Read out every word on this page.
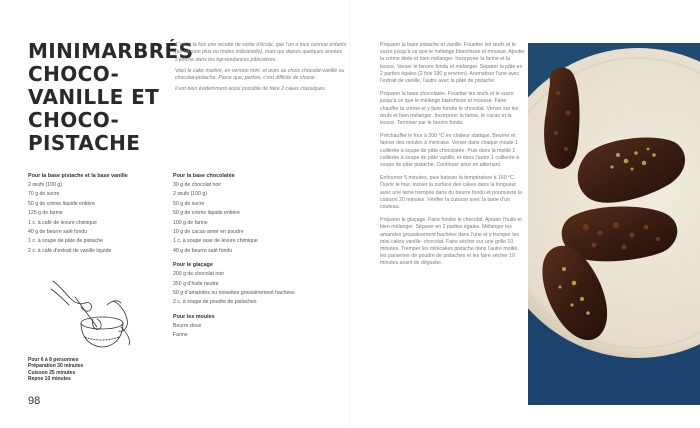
MINIMARBRÉS
CHOCO-
VANILLE ET
CHOCO-
PISTACHE

C’est à la fois une recette de sortie d’école, que l’on a tous connue enfants (en version plus ou moins industrielle), mais qui depuis quelques années s’affiche dans les top-tendances pâtissières.

Voici le cake marbré, en version mini, et avec ou choix chocolat-vanille ou chocolat-pistache. Parce que, parfois, c’est difficile de choisir.

Il est bien évidemment aussi possible de faire 2 cakes classiques.

Pour la base pistache et la base vanille
2 œufs (100 g)
70 g de sucre
50 g de crème liquide entière
125 g de farine
1 c. à café de levure chimique
40 g de beurre salé fondu
1 c. à soupe de pâte de pistache
2 c. à café d’extrait de vanille liquide
Pour la base chocolatée
30 g de chocolat noir
2 œufs (100 g)
50 g de sucre
50 g de crème liquide entière
100 g de farine
10 g de cacao amer en poudre
1 c. à soupe rase de levure chimique
40 g de beurre salé fondu
Pour le glaçage
200 g de chocolat noir
350 g d’huile neutre
50 g d’amandes ou noisettes grossièrement hachées
2 c. à soupe de poudre de pistaches
Pour les moules
Beurre doux
Farine
Pour 6 à 8 personnes
Préparation 30 minutes
Cuisson 25 minutes
Repos 10 minutes
98

Préparer la base pistache et vanille. Fouetter les œufs et le sucre jusqu’à ce que le mélange blanchisse et mousse. Ajouter la crème tiède et bien mélanger. Incorporer la farine et la levure. Verser le beurre fondu et mélanger. Séparer la pâte en 2 parties égales (2 fois 190 g environ). Aromatiser l’une avec l’extrait de vanille, l’autre avec la pâte de pistache.

Préparer la base chocolatée. Fouetter les œufs et le sucre jusqu’à ce que le mélange blanchisse et mousse. Faire chauffer la crème et y faire fondre le chocolat. Verser sur les œufs et bien mélanger. Incorporer la farine, le cacao et la levure. Terminer par le beurre fondu.

Préchauffer le four à 200 °C en chaleur statique. Beurrer et fariner des moules à minicake. Verser dans chaque moule 1 cuillerée à soupe de pâte chocolatée. Puis dans la moitié 1 cuillerée à soupe de pâte vanille, et dans l’autre 1 cuillerée à soupe de pâte pistache. Continuer ainsi en alternant.

Enfourner 5 minutes, puis baisser la température à 160 °C. Ouvrir le four, inciser la surface des cakes dans la longueur avec une lame trempée dans du beurre fondu et poursuivre la cuisson 20 minutes. Vérifier la cuisson avec la lame d’un couteau.

Préparer le glaçage. Faire fondre le chocolat. Ajouter l’huile et bien mélanger. Séparer en 2 parties égales. Mélanger les amandes grossièrement hachées dans l’une et y tremper les mini cakes vanille- chocolat. Faire sécher sur une grille 10 minutes. Tremper les minicakes pistache dans l’autre moitié, les parsemer de poudre de pistaches et les faire sécher 10 minutes avant de déguster.
